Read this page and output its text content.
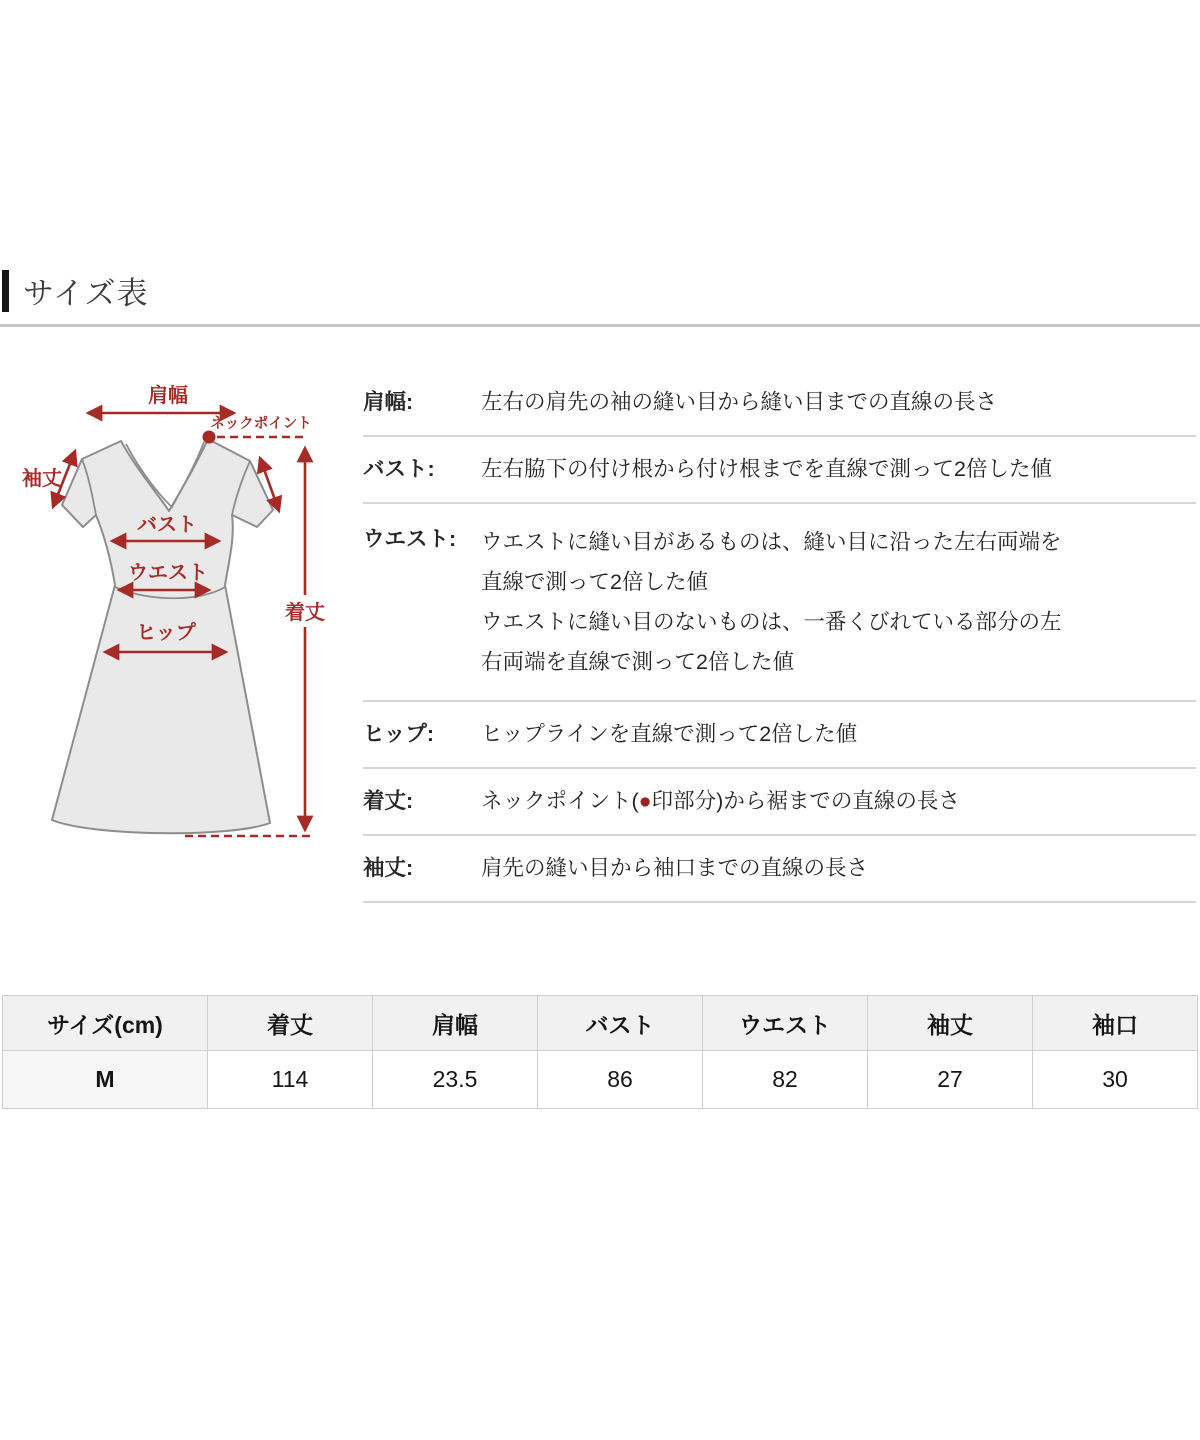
サイズ表
肩幅
ネックポイント
袖丈
バスト
ウエスト
ヒップ
着丈
肩幅:	左右の肩先の袖の縫い目から縫い目までの直線の長さ
バスト:	左右脇下の付け根から付け根までを直線で測って2倍した値
ウエスト:	ウエストに縫い目があるものは、縫い目に沿った左右両端を直線で測って2倍した値
ウエストに縫い目のないものは、一番くびれている部分の左右両端を直線で測って2倍した値
ヒップ:	ヒップラインを直線で測って2倍した値
着丈:	ネックポイント(●印部分)から裾までの直線の長さ
袖丈:	肩先の縫い目から袖口までの直線の長さ
サイズ(cm)	着丈	肩幅	バスト	ウエスト	袖丈	袖口
M	114	23.5	86	82	27	30
